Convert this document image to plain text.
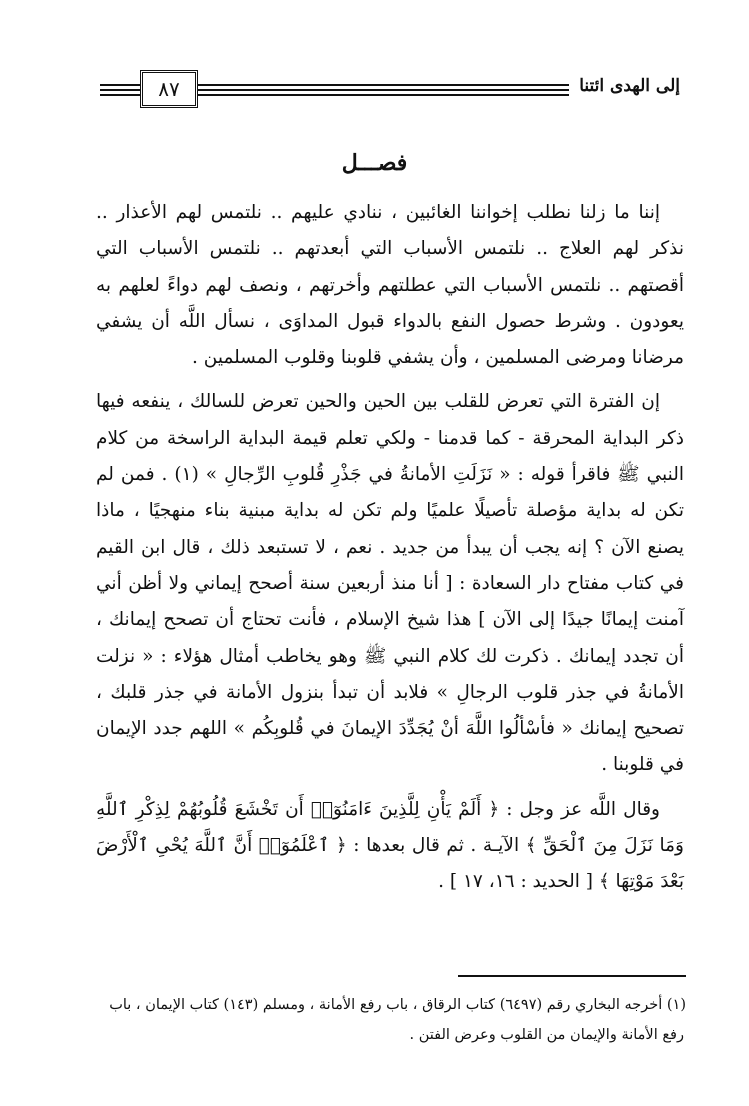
٨٧	إلى الهدى ائتنا
فصـــل

إننا ما زلنا نطلب إخواننا الغائبين ، ننادي عليهم .. نلتمس لهم الأعذار .. نذكر لهم العلاج .. نلتمس الأسباب التي أبعدتهم .. نلتمس الأسباب التي أقصتهم .. نلتمس الأسباب التي عطلتهم وأخرتهم ، ونصف لهم دواءً لعلهم به يعودون . وشرط حصول النفع بالدواء قبول المداوَى ، نسأل اللَّه أن يشفي مرضانا ومرضى المسلمين ، وأن يشفي قلوبنا وقلوب المسلمين .

إن الفترة التي تعرض للقلب بين الحين والحين تعرض للسالك ، ينفعه فيها ذكر البداية المحرقة - كما قدمنا - ولكي تعلم قيمة البداية الراسخة من كلام النبي ﷺ فاقرأ قوله : « نَزَلَتِ الأمانةُ في جَذْرِ قُلوبِ الرِّجالِ » (١) . فمن لم تكن له بداية مؤصلة تأصيلًا علميًا ولم تكن له بداية مبنية بناء منهجيًا ، ماذا يصنع الآن ؟ إنه يجب أن يبدأ من جديد . نعم ، لا تستبعد ذلك ، قال ابن القيم في كتاب مفتاح دار السعادة : [ أنا منذ أربعين سنة أصحح إيماني ولا أظن أني آمنت إيمانًا جيدًا إلى الآن ] هذا شيخ الإسلام ، فأنت تحتاج أن تصحح إيمانك ، أن تجدد إيمانك . ذكرت لك كلام النبي ﷺ وهو يخاطب أمثال هؤلاء : « نزلت الأمانةُ في جذر قلوب الرجالِ » فلابد أن تبدأ بنزول الأمانة في جذر قلبك ، تصحيح إيمانك « فأسْألُوا اللَّهَ أنْ يُجَدِّدَ الإيمانَ في قُلوبِكُم » اللهم جدد الإيمان في قلوبنا .

وقال اللَّه عز وجل : ﴿ أَلَمْ يَأْنِ لِلَّذِينَ ءَامَنُوٓا۟ أَن تَخْشَعَ قُلُوبُهُمْ لِذِكْرِ ٱللَّهِ وَمَا نَزَلَ مِنَ ٱلْحَقِّ ﴾ الآيـة . ثم قال بعدها : ﴿ ٱعْلَمُوٓا۟ أَنَّ ٱللَّهَ يُحْىِ ٱلْأَرْضَ بَعْدَ مَوْتِهَا ﴾ [ الحديد : ١٦، ١٧ ] .

(١) أخرجه البخاري رقم (٦٤٩٧) كتاب الرقاق ، باب رفع الأمانة ، ومسلم (١٤٣) كتاب الإيمان ، باب
رفع الأمانة والإيمان من القلوب وعرض الفتن .
